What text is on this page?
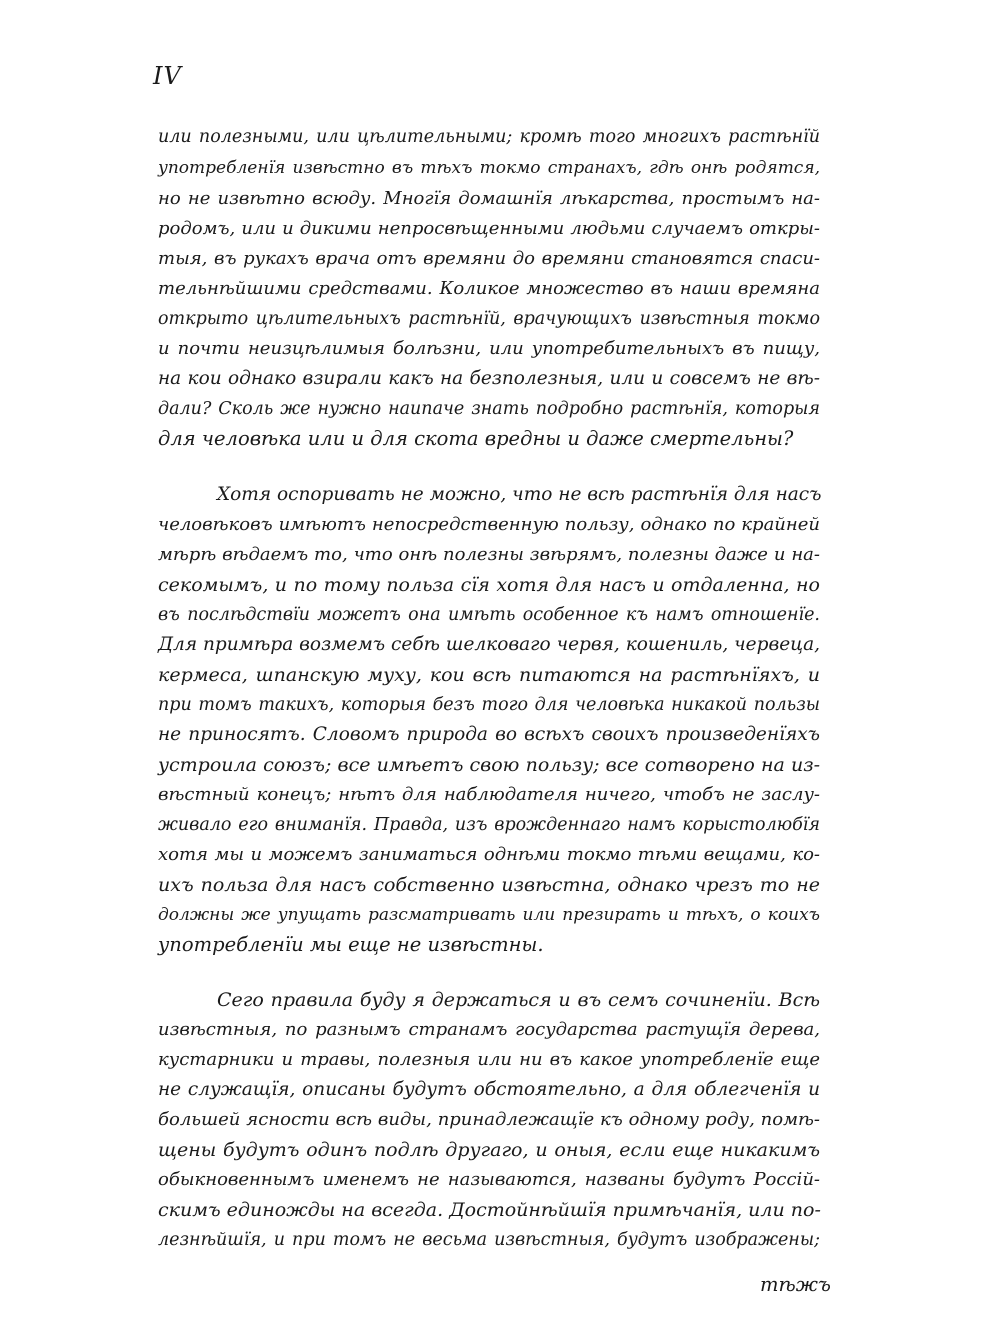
IV
или полезными, или цѣлительными; кромѣ того многихъ растѣнїй
употребленїя извѣстно въ тѣхъ токмо странахъ, гдѣ онѣ родятся,
но не извѣтно всюду. Многїя домашнїя лѣкарства, простымъ на-
родомъ, или и дикими непросвѣщенными людьми случаемъ откры-
тыя, въ рукахъ врача отъ времяни до времяни становятся спаси-
тельнѣйшими средствами. Коликое множество въ наши времяна
открыто цѣлительныхъ растѣнїй, врачующихъ извѣстныя токмо
и почти неизцѣлимыя болѣзни, или употребительныхъ въ пищу,
на кои однако взирали какъ на безполезныя, или и совсемъ не вѣ-
дали? Сколь же нужно наипаче знать подробно растѣнїя, которыя
для человѣка или и для скота вредны и даже смертельны?
Хотя оспоривать не можно, что не всѣ растѣнїя для насъ
человѣковъ имѣютъ непосредственную пользу, однако по крайней
мѣрѣ вѣдаемъ то, что онѣ полезны звѣрямъ, полезны даже и на-
секомымъ, и по тому польза сїя хотя для насъ и отдаленна, но
въ послѣдствїи можетъ она имѣть особенное къ намъ отношенїе.
Для примѣра возмемъ себѣ шелковаго червя, кошениль, червеца,
кермеса, шпанскую муху, кои всѣ питаются на растѣнїяхъ, и
при томъ такихъ, которыя безъ того для человѣка никакой пользы
не приносятъ. Словомъ природа во всѣхъ своихъ произведенїяхъ
устроила союзъ; все имѣетъ свою пользу; все сотворено на из-
вѣстный конецъ; нѣтъ для наблюдателя ничего, чтобъ не заслу-
живало его вниманїя. Правда, изъ врожденнаго намъ корыстолюбїя
хотя мы и можемъ заниматься однѣми токмо тѣми вещами, ко-
ихъ польза для насъ собственно извѣстна, однако чрезъ то не
должны же упущать разсматривать или презирать и тѣхъ, о коихъ
употребленїи мы еще не извѣстны.
Сего правила буду я держаться и въ семъ сочиненїи. Всѣ
извѣстныя, по разнымъ странамъ государства растущїя дерева,
кустарники и травы, полезныя или ни въ какое употребленїе еще
не служащїя, описаны будутъ обстоятельно, а для облегченїя и
большей ясности всѣ виды, принадлежащїе къ одному роду, помѣ-
щены будутъ одинъ подлѣ другаго, и оныя, если еще никакимъ
обыкновеннымъ именемъ не называются, названы будутъ Россiй-
скимъ единожды на всегда. Достойнѣйшїя примѣчанїя, или по-
лезнѣйшїя, и при томъ не весьма извѣстныя, будутъ изображены;
тѣжъ
